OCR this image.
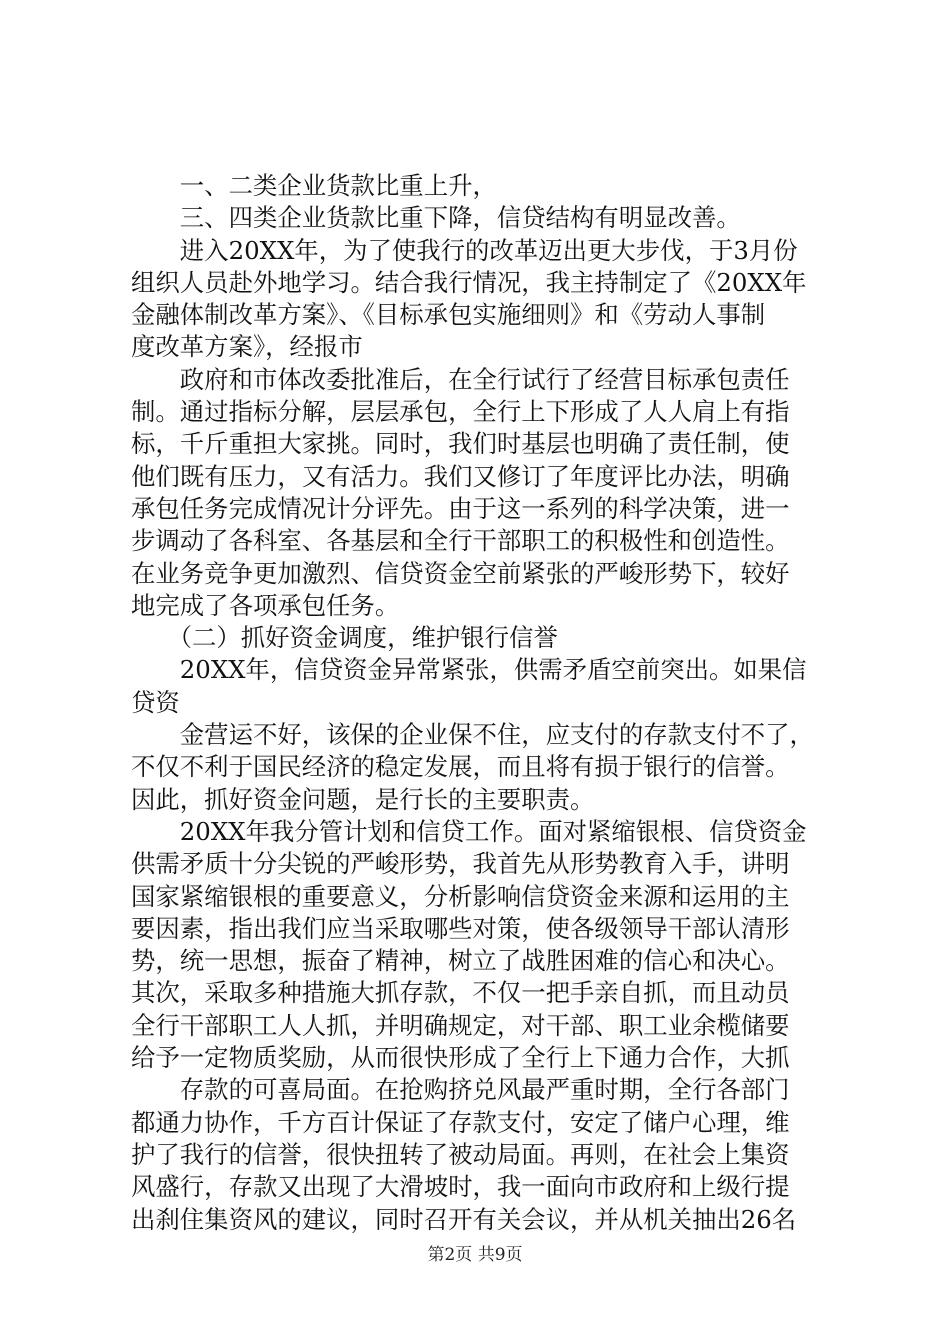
　　一、二类企业货款比重上升，
　　三、四类企业货款比重下降，信贷结构有明显改善。
　　进入20XX年，为了使我行的改革迈出更大步伐，于3月份
组织人员赴外地学习。结合我行情况，我主持制定了《20XX年
金融体制改革方案》、《目标承包实施细则》和《劳动人事制
度改革方案》，经报市
　　政府和市体改委批准后，在全行试行了经营目标承包责任
制。通过指标分解，层层承包，全行上下形成了人人肩上有指
标，千斤重担大家挑。同时，我们时基层也明确了责任制，使
他们既有压力，又有活力。我们又修订了年度评比办法，明确
承包任务完成情况计分评先。由于这一系列的科学决策，进一
步调动了各科室、各基层和全行干部职工的积极性和创造性。
在业务竞争更加激烈、信贷资金空前紧张的严峻形势下，较好
地完成了各项承包任务。
　　（二）抓好资金调度，维护银行信誉
　　20XX年，信贷资金异常紧张，供需矛盾空前突出。如果信
贷资
　　金营运不好，该保的企业保不住，应支付的存款支付不了，
不仅不利于国民经济的稳定发展，而且将有损于银行的信誉。
因此，抓好资金问题，是行长的主要职责。
　　20XX年我分管计划和信贷工作。面对紧缩银根、信贷资金
供需矛质十分尖锐的严峻形势，我首先从形势教育入手，讲明
国家紧缩银根的重要意义，分析影响信贷资金来源和运用的主
要因素，指出我们应当采取哪些对策，使各级领导干部认清形
势，统一思想，振奋了精神，树立了战胜困难的信心和决心。
其次，采取多种措施大抓存款，不仅一把手亲自抓，而且动员
全行干部职工人人抓，并明确规定，对干部、职工业余榄储要
给予一定物质奖励，从而很快形成了全行上下通力合作，大抓
　　存款的可喜局面。在抢购挤兑风最严重时期，全行各部门
都通力协作，千方百计保证了存款支付，安定了储户心理，维
护了我行的信誉，很快扭转了被动局面。再则，在社会上集资
风盛行，存款又出现了大滑坡时，我一面向市政府和上级行提
出刹住集资风的建议，同时召开有关会议，并从机关抽出26名
第2页 共9页
